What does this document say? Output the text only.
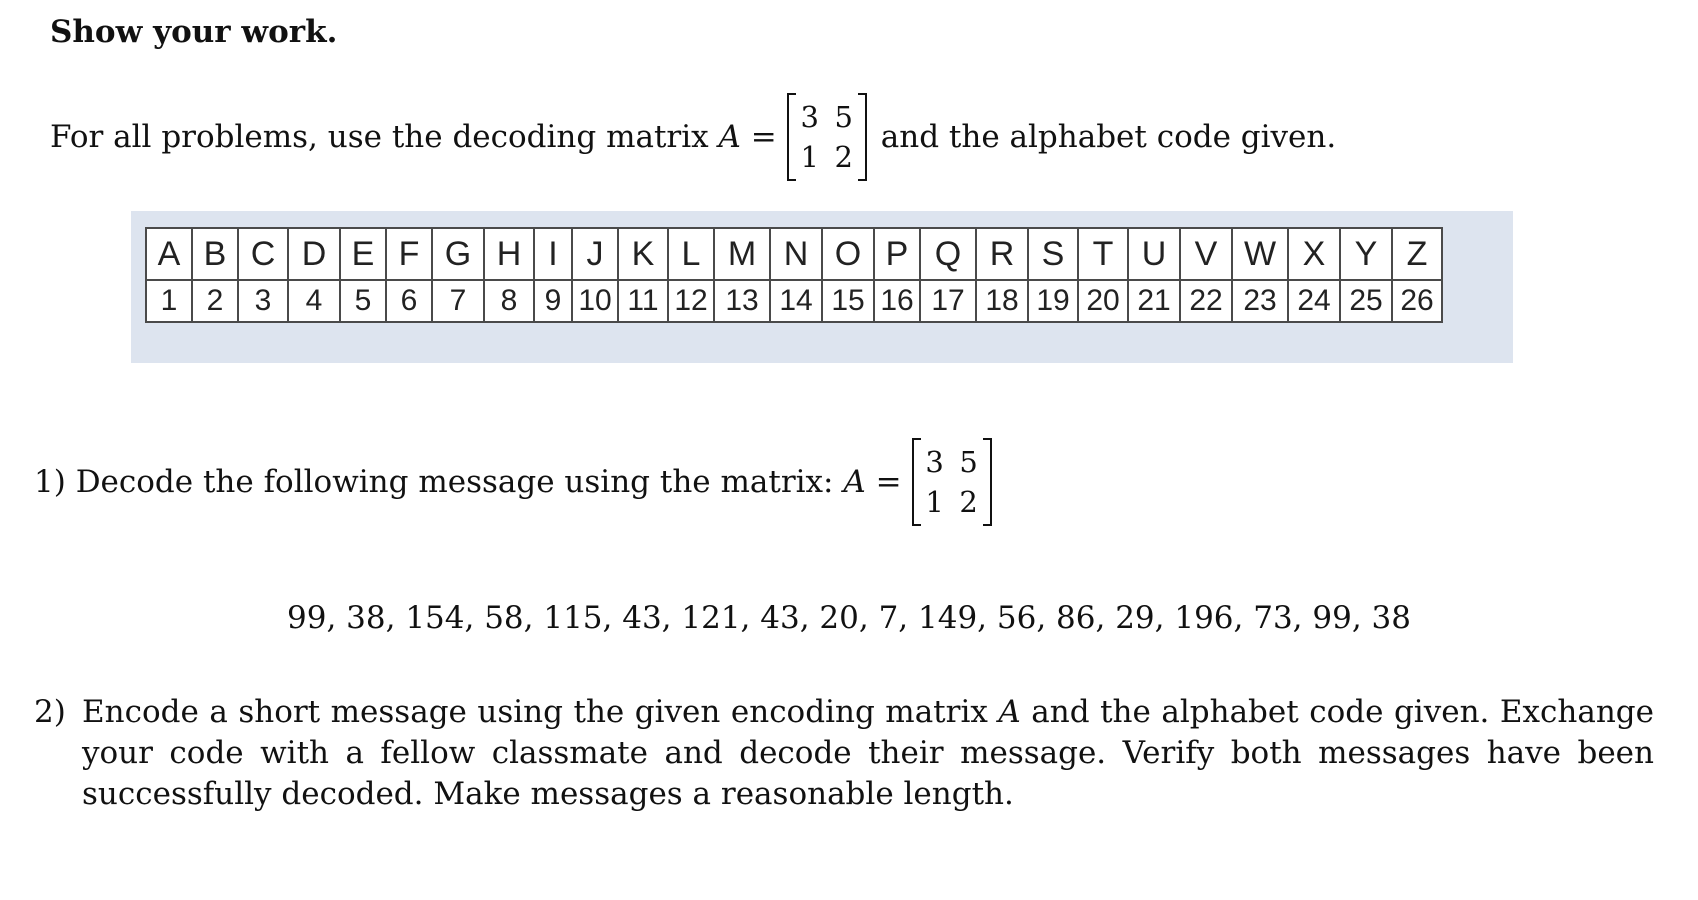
Show your work.
For all problems, use the decoding matrix
A
=
3 5
1 2
and the alphabet code given.
A	B	C	D	E	F	G	H	I	J	K	L	M	N	O	P	Q	R	S	T	U	V	W	X	Y	Z
1	2	3	4	5	6	7	8	9	10	11	12	13	14	15	16	17	18	19	20	21	22	23	24	25	26
1)
Decode the following message using the matrix:
A
=
3 5
1 2
99, 38, 154, 58, 115, 43, 121, 43, 20, 7, 149, 56, 86, 29, 196, 73, 99, 38
2) Encode a short message using the given encoding matrix A and the alphabet code given. Exchange your code with a fellow classmate and decode their message. Verify both messages have been successfully decoded. Make messages a reasonable length.
